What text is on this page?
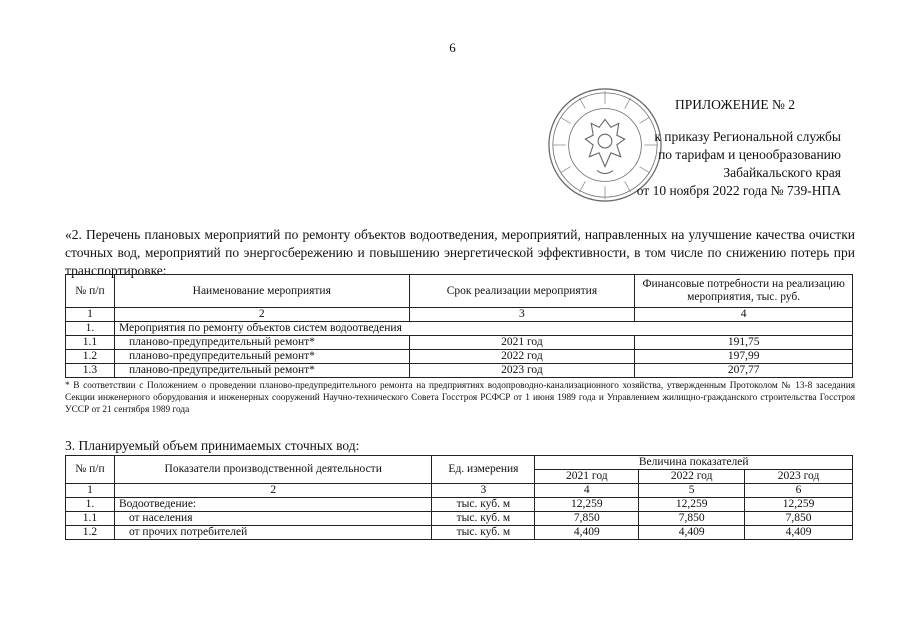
6
ПРИЛОЖЕНИЕ № 2
к приказу Региональной службы
по тарифам и ценообразованию
Забайкальского края
от 10 ноября 2022 года № 739-НПА
«2. Перечень плановых мероприятий по ремонту объектов водоотведения, мероприятий, направленных на улучшение качества очистки сточных вод, мероприятий по энергосбережению и повышению энергетической эффективности, в том числе по снижению потерь при транспортировке:
№ п/п	Наименование мероприятия	Срок реализации мероприятия	Финансовые потребности на реализацию мероприятия, тыс. руб.
1	2	3	4
1.	Мероприятия по ремонту объектов систем водоотведения		
1.1	планово-предупредительный ремонт*	2021 год	191,75
1.2	планово-предупредительный ремонт*	2022 год	197,99
1.3	планово-предупредительный ремонт*	2023 год	207,77
* В соответствии с Положением о проведении планово-предупредительного ремонта на предприятиях водопроводно-канализационного хозяйства, утвержденным Протоколом № 13-8 заседания Секции инженерного оборудования и инженерных сооружений Научно-технического Совета Госстроя РСФСР от 1 июня 1989 года и Управлением жилищно-гражданского строительства Госстроя УССР от 21 сентября 1989 года
3. Планируемый объем принимаемых сточных вод:
№ п/п	Показатели производственной деятельности	Ед. измерения	Величина показателей		
			2021 год	2022 год	2023 год
1	2	3	4	5	6
1.	Водоотведение:	тыс. куб. м	12,259	12,259	12,259
1.1	от населения	тыс. куб. м	7,850	7,850	7,850
1.2	от прочих потребителей	тыс. куб. м	4,409	4,409	4,409
